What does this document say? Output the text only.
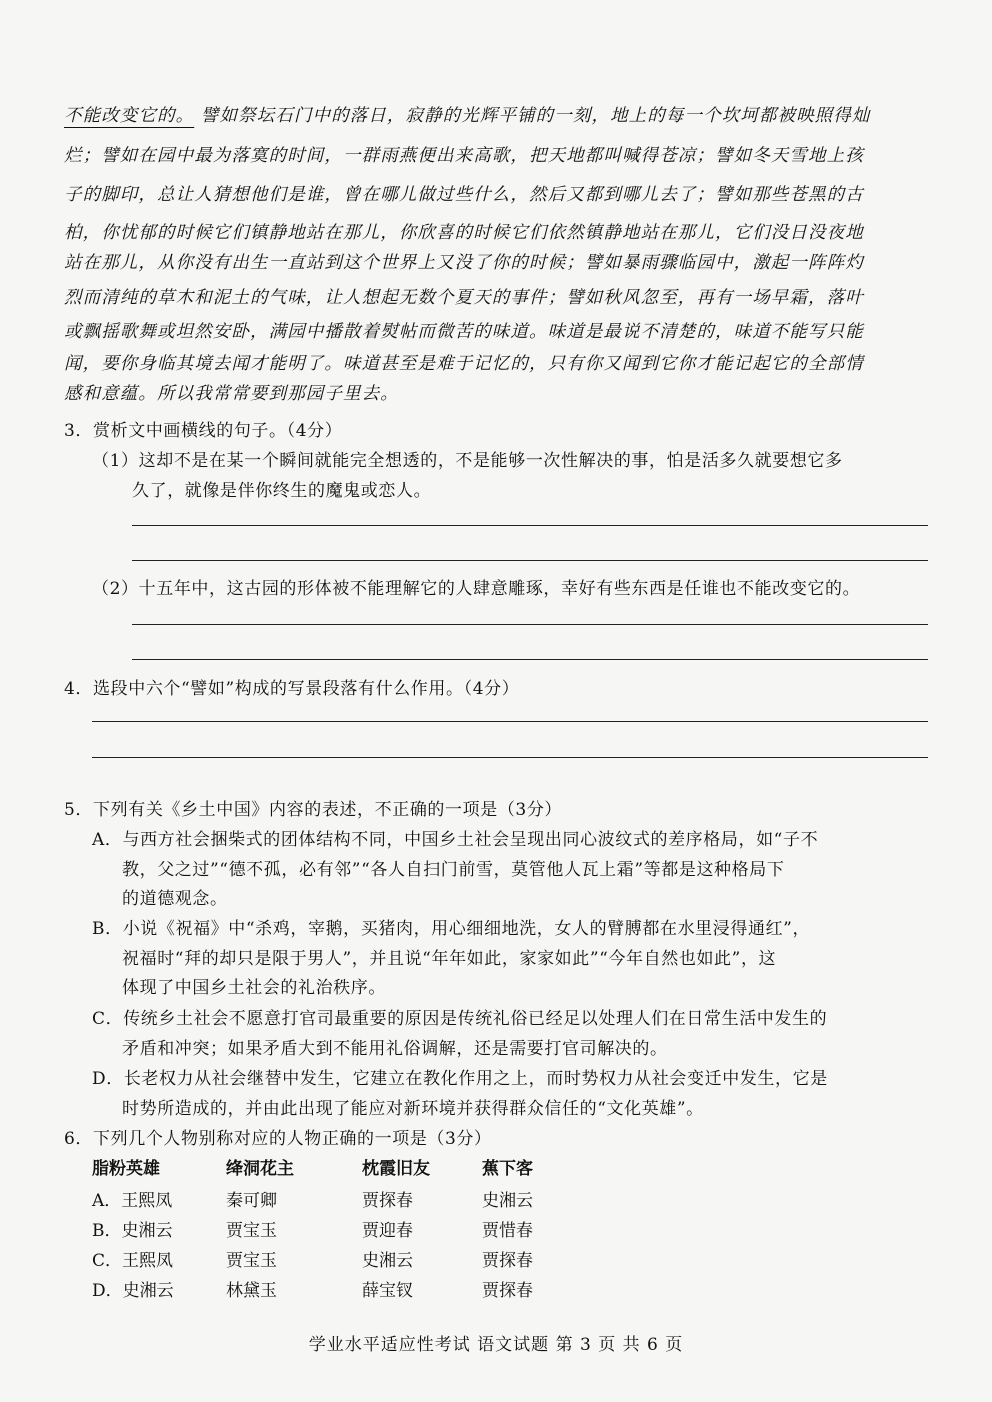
不能改变它的。 譬如祭坛石门中的落日，寂静的光辉平铺的一刻，地上的每一个坎坷都被映照得灿
烂；譬如在园中最为落寞的时间，一群雨燕便出来高歌，把天地都叫喊得苍凉；譬如冬天雪地上孩
子的脚印，总让人猜想他们是谁，曾在哪儿做过些什么，然后又都到哪儿去了；譬如那些苍黑的古
柏，你忧郁的时候它们镇静地站在那儿，你欣喜的时候它们依然镇静地站在那儿，它们没日没夜地
站在那儿，从你没有出生一直站到这个世界上又没了你的时候；譬如暴雨骤临园中，激起一阵阵灼
烈而清纯的草木和泥土的气味，让人想起无数个夏天的事件；譬如秋风忽至，再有一场早霜，落叶
或飘摇歌舞或坦然安卧，满园中播散着熨帖而微苦的味道。味道是最说不清楚的，味道不能写只能
闻，要你身临其境去闻才能明了。味道甚至是难于记忆的，只有你又闻到它你才能记起它的全部情
感和意蕴。所以我常常要到那园子里去。
3．赏析文中画横线的句子。（4分）
（1）这却不是在某一个瞬间就能完全想透的，不是能够一次性解决的事，怕是活多久就要想它多
久了，就像是伴你终生的魔鬼或恋人。
（2）十五年中，这古园的形体被不能理解它的人肆意雕琢，幸好有些东西是任谁也不能改变它的。
4．选段中六个“譬如”构成的写景段落有什么作用。（4分）
5．下列有关《乡土中国》内容的表述，不正确的一项是（3分）
A．与西方社会捆柴式的团体结构不同，中国乡土社会呈现出同心波纹式的差序格局，如“子不
教，父之过”“德不孤，必有邻”“各人自扫门前雪，莫管他人瓦上霜”等都是这种格局下
的道德观念。
B．小说《祝福》中“杀鸡，宰鹅，买猪肉，用心细细地洗，女人的臂膊都在水里浸得通红”，
祝福时“拜的却只是限于男人”，并且说“年年如此，家家如此”“今年自然也如此”，这
体现了中国乡土社会的礼治秩序。
C．传统乡土社会不愿意打官司最重要的原因是传统礼俗已经足以处理人们在日常生活中发生的
矛盾和冲突；如果矛盾大到不能用礼俗调解，还是需要打官司解决的。
D．长老权力从社会继替中发生，它建立在教化作用之上，而时势权力从社会变迁中发生，它是
时势所造成的，并由此出现了能应对新环境并获得群众信任的“文化英雄”。
6．下列几个人物别称对应的人物正确的一项是（3分）
脂粉英雄	绛洞花主	枕霞旧友	蕉下客
A．王熙凤	秦可卿	贾探春	史湘云
B．史湘云	贾宝玉	贾迎春	贾惜春
C．王熙凤	贾宝玉	史湘云	贾探春
D．史湘云	林黛玉	薛宝钗	贾探春
学业水平适应性考试 语文试题 第 3 页 共 6 页
